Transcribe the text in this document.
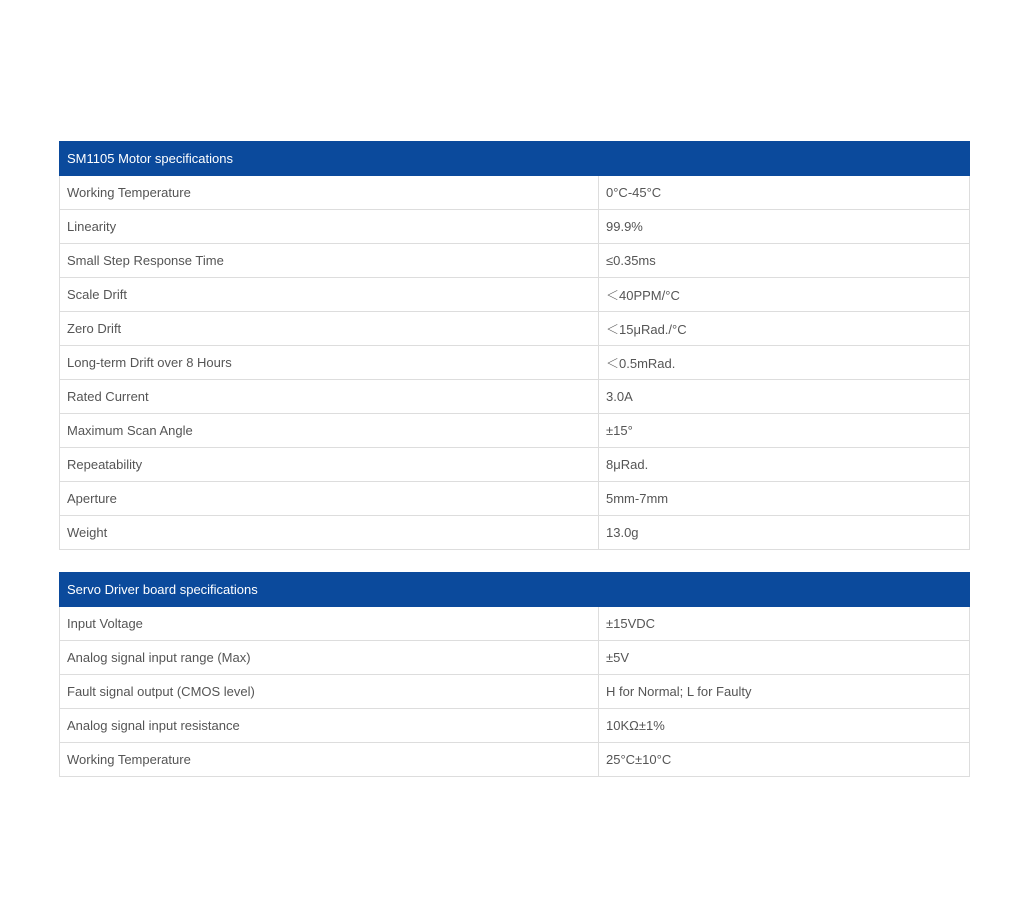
SM1105 Motor specifications	
Working Temperature	0°C-45°C
Linearity	99.9%
Small Step Response Time	≤0.35ms
Scale Drift	＜40PPM/°C
Zero Drift	＜15μRad./°C
Long-term Drift over 8 Hours	＜0.5mRad.
Rated Current	3.0A
Maximum Scan Angle	±15°
Repeatability	8μRad.
Aperture	5mm-7mm
Weight	13.0g
Servo Driver board specifications	
Input Voltage	±15VDC
Analog signal input range (Max)	±5V
Fault signal output (CMOS level)	H for Normal; L for Faulty
Analog signal input resistance	10KΩ±1%
Working Temperature	25°C±10°C
